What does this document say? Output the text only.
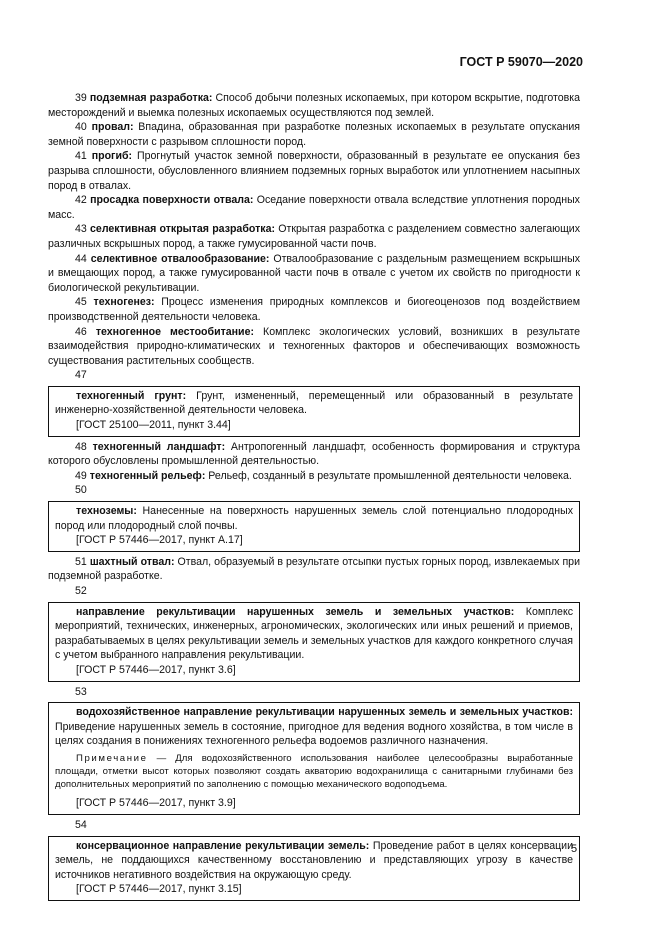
ГОСТ Р 59070—2020

39 подземная разработка: Способ добычи полезных ископаемых, при котором вскрытие, подготовка месторождений и выемка полезных ископаемых осуществляются под землей.

40 провал: Впадина, образованная при разработке полезных ископаемых в результате опускания земной поверхности с разрывом сплошности пород.

41 прогиб: Прогнутый участок земной поверхности, образованный в результате ее опускания без разрыва сплошности, обусловленного влиянием подземных горных выработок или уплотнением насыпных пород в отвалах.

42 просадка поверхности отвала: Оседание поверхности отвала вследствие уплотнения породных масс.

43 селективная открытая разработка: Открытая разработка с разделением совместно залегающих различных вскрышных пород, а также гумусированной части почв.

44 селективное отвалообразование: Отвалообразование с раздельным размещением вскрышных и вмещающих пород, а также гумусированной части почв в отвале с учетом их свойств по пригодности к биологической рекультивации.

45 техногенез: Процесс изменения природных комплексов и биогеоценозов под воздействием производственной деятельности человека.

46 техногенное местообитание: Комплекс экологических условий, возникших в результате взаимодействия природно-климатических и техногенных факторов и обеспечивающих возможность существования растительных сообществ.

47

техногенный грунт: Грунт, измененный, перемещенный или образованный в результате инженерно-хозяйственной деятельности человека.

[ГОСТ 25100—2011, пункт 3.44]

48 техногенный ландшафт: Антропогенный ландшафт, особенность формирования и структура которого обусловлены промышленной деятельностью.

49 техногенный рельеф: Рельеф, созданный в результате промышленной деятельности человека.

50

техноземы: Нанесенные на поверхность нарушенных земель слой потенциально плодородных пород или плодородный слой почвы.

[ГОСТ Р 57446—2017, пункт А.17]

51 шахтный отвал: Отвал, образуемый в результате отсыпки пустых горных пород, извлекаемых при подземной разработке.

52

направление рекультивации нарушенных земель и земельных участков: Комплекс мероприятий, технических, инженерных, агрономических, экологических или иных решений и приемов, разрабатываемых в целях рекультивации земель и земельных участков для каждого конкретного случая с учетом выбранного направления рекультивации.

[ГОСТ Р 57446—2017, пункт 3.6]

53

водохозяйственное направление рекультивации нарушенных земель и земельных участков: Приведение нарушенных земель в состояние, пригодное для ведения водного хозяйства, в том числе в целях создания в понижениях техногенного рельефа водоемов различного назначения.

Примечание — Для водохозяйственного использования наиболее целесообразны выработанные площади, отметки высот которых позволяют создать акваторию водохранилища с санитарными глубинами без дополнительных мероприятий по заполнению с помощью механического водоподъема.

[ГОСТ Р 57446—2017, пункт 3.9]

54

консервационное направление рекультивации земель: Проведение работ в целях консервации земель, не поддающихся качественному восстановлению и представляющих угрозу в качестве источников негативного воздействия на окружающую среду.

[ГОСТ Р 57446—2017, пункт 3.15]

5
